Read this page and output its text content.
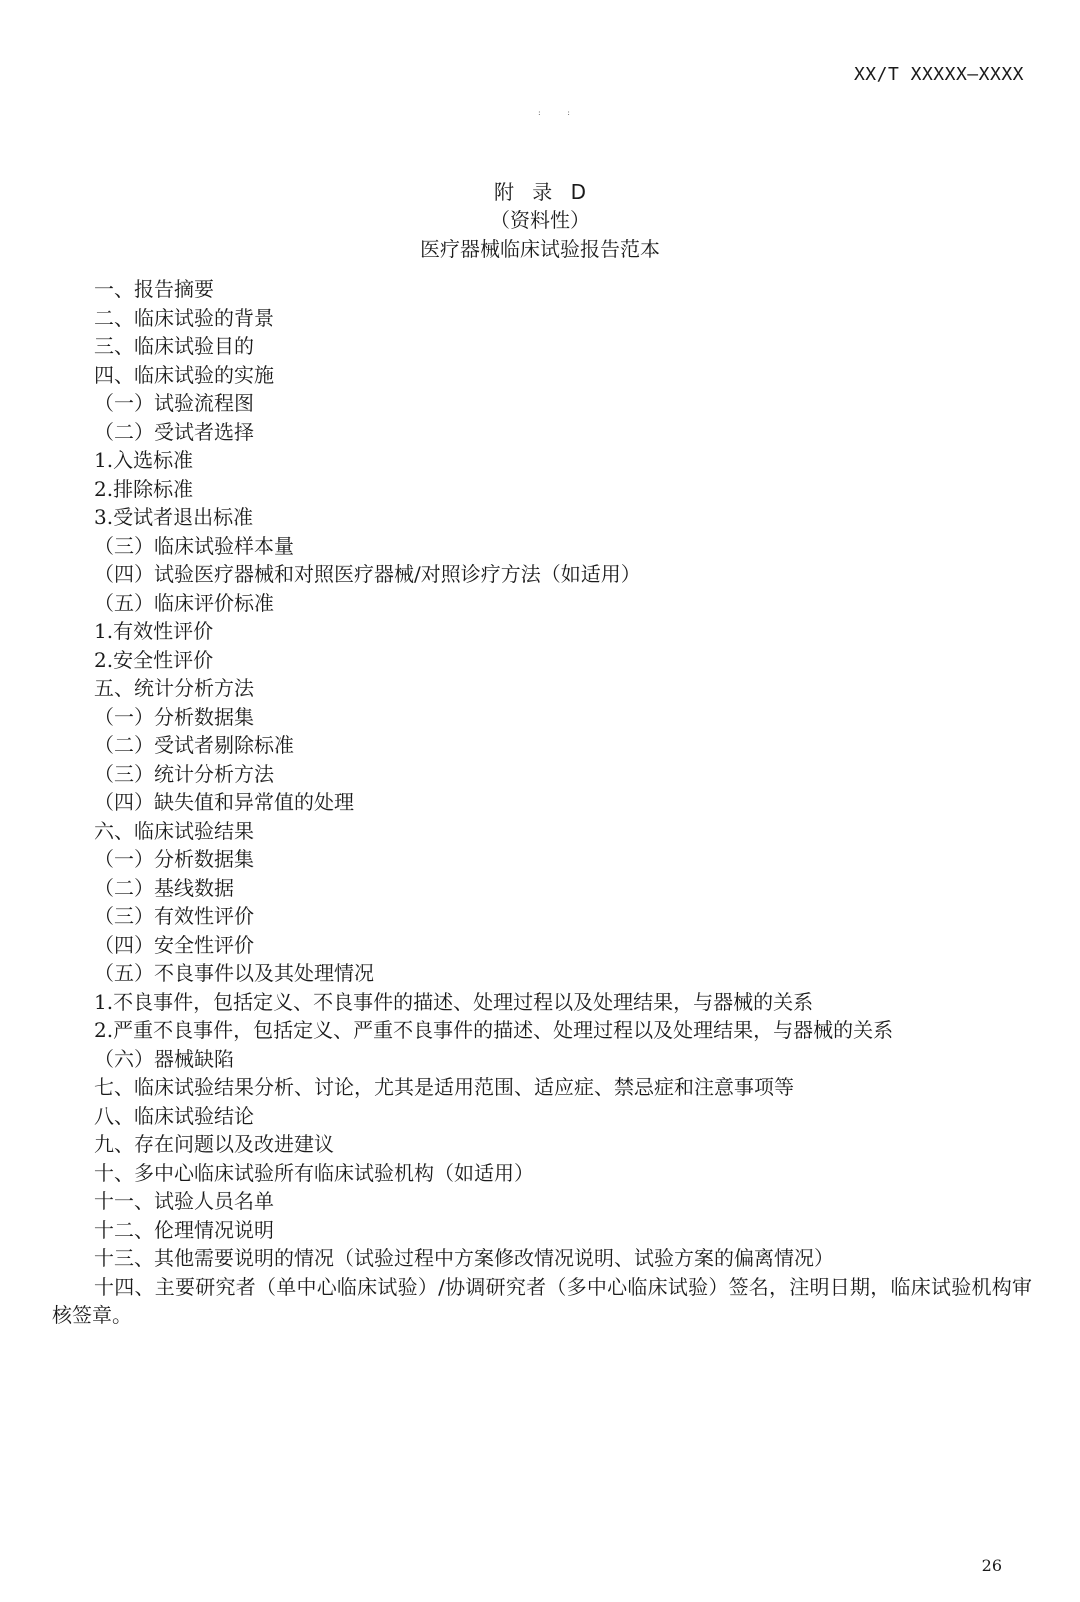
XX/T XXXXX—XXXX
: :
附 录 D
（资料性）
医疗器械临床试验报告范本
一、报告摘要
二、临床试验的背景
三、临床试验目的
四、临床试验的实施
（一）试验流程图
（二）受试者选择
1.入选标准
2.排除标准
3.受试者退出标准
（三）临床试验样本量
（四）试验医疗器械和对照医疗器械/对照诊疗方法（如适用）
（五）临床评价标准
1.有效性评价
2.安全性评价
五、统计分析方法
（一）分析数据集
（二）受试者剔除标准
（三）统计分析方法
（四）缺失值和异常值的处理
六、临床试验结果
（一）分析数据集
（二）基线数据
（三）有效性评价
（四）安全性评价
（五）不良事件以及其处理情况
1.不良事件，包括定义、不良事件的描述、处理过程以及处理结果，与器械的关系
2.严重不良事件，包括定义、严重不良事件的描述、处理过程以及处理结果，与器械的关系
（六）器械缺陷
七、临床试验结果分析、讨论，尤其是适用范围、适应症、禁忌症和注意事项等
八、临床试验结论
九、存在问题以及改进建议
十、多中心临床试验所有临床试验机构（如适用）
十一、试验人员名单
十二、伦理情况说明
十三、其他需要说明的情况（试验过程中方案修改情况说明、试验方案的偏离情况）
十四、主要研究者（单中心临床试验）/协调研究者（多中心临床试验）签名，注明日期，临床试验机构审核签章。
26
